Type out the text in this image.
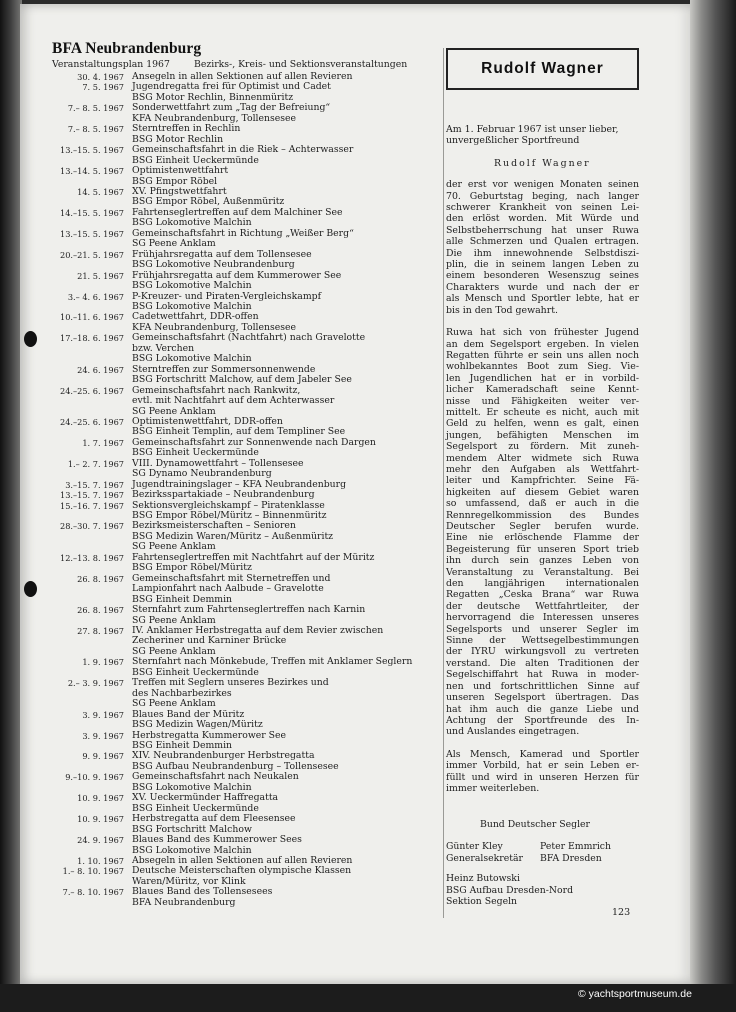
BFA Neubrandenburg
Veranstaltungsplan 1967	Bezirks-, Kreis- und Sektionsveranstaltungen
30. 4. 1967 Ansegeln in allen Sektionen auf allen Revieren
7. 5. 1967 Jugendregatta frei für Optimist und Cadet
BSG Motor Rechlin, Binnenmüritz
7.– 8. 5. 1967 Sonderwettfahrt zum „Tag der Befreiung“
KFA Neubrandenburg, Tollensesee
7.– 8. 5. 1967 Sterntreffen in Rechlin
BSG Motor Rechlin
13.–15. 5. 1967 Gemeinschaftsfahrt in die Riek – Achterwasser
BSG Einheit Ueckermünde
13.–14. 5. 1967 Optimistenwettfahrt
BSG Empor Röbel
14. 5. 1967 XV. Pfingstwettfahrt
BSG Empor Röbel, Außenmüritz
14.–15. 5. 1967 Fahrtenseglertreffen auf dem Malchiner See
BSG Lokomotive Malchin
13.–15. 5. 1967 Gemeinschaftsfahrt in Richtung „Weißer Berg“
SG Peene Anklam
20.–21. 5. 1967 Frühjahrsregatta auf dem Tollensesee
BSG Lokomotive Neubrandenburg
21. 5. 1967 Frühjahrsregatta auf dem Kummerower See
BSG Lokomotive Malchin
3.– 4. 6. 1967 P-Kreuzer- und Piraten-Vergleichskampf
BSG Lokomotive Malchin
10.–11. 6. 1967 Cadetwettfahrt, DDR-offen
KFA Neubrandenburg, Tollensesee
17.–18. 6. 1967 Gemeinschaftsfahrt (Nachtfahrt) nach Gravelotte
bzw. Verchen
BSG Lokomotive Malchin
24. 6. 1967 Sterntreffen zur Sommersonnenwende
BSG Fortschritt Malchow, auf dem Jabeler See
24.–25. 6. 1967 Gemeinschaftsfahrt nach Rankwitz,
evtl. mit Nachtfahrt auf dem Achterwasser
SG Peene Anklam
24.–25. 6. 1967 Optimistenwettfahrt, DDR-offen
BSG Einheit Templin, auf dem Templiner See
1. 7. 1967 Gemeinschaftsfahrt zur Sonnenwende nach Dargen
BSG Einheit Ueckermünde
1.– 2. 7. 1967 VIII. Dynamowettfahrt – Tollensesee
SG Dynamo Neubrandenburg
3.–15. 7. 1967 Jugendtrainingslager – KFA Neubrandenburg
13.–15. 7. 1967 Bezirksspartakiade – Neubrandenburg
15.–16. 7. 1967 Sektionsvergleichskampf – Piratenklasse
BSG Empor Röbel/Müritz – Binnenmüritz
28.–30. 7. 1967 Bezirksmeisterschaften – Senioren
BSG Medizin Waren/Müritz – Außenmüritz
SG Peene Anklam
12.–13. 8. 1967 Fahrtenseglertreffen mit Nachtfahrt auf der Müritz
BSG Empor Röbel/Müritz
26. 8. 1967 Gemeinschaftsfahrt mit Sternetreffen und
Lampionfahrt nach Aalbude – Gravelotte
BSG Einheit Demmin
26. 8. 1967 Sternfahrt zum Fahrtenseglertreffen nach Karnin
SG Peene Anklam
27. 8. 1967 IV. Anklamer Herbstregatta auf dem Revier zwischen
Zecheriner und Karniner Brücke
SG Peene Anklam
1. 9. 1967 Sternfahrt nach Mönkebude, Treffen mit Anklamer Seglern
BSG Einheit Ueckermünde
2.– 3. 9. 1967 Treffen mit Seglern unseres Bezirkes und
des Nachbarbezirkes
SG Peene Anklam
3. 9. 1967 Blaues Band der Müritz
BSG Medizin Wagen/Müritz
3. 9. 1967 Herbstregatta Kummerower See
BSG Einheit Demmin
9. 9. 1967 XIV. Neubrandenburger Herbstregatta
BSG Aufbau Neubrandenburg – Tollensesee
9.–10. 9. 1967 Gemeinschaftsfahrt nach Neukalen
BSG Lokomotive Malchin
10. 9. 1967 XV. Ueckermünder Haffregatta
BSG Einheit Ueckermünde
10. 9. 1967 Herbstregatta auf dem Fleesensee
BSG Fortschritt Malchow
24. 9. 1967 Blaues Band des Kummerower Sees
BSG Lokomotive Malchin
1. 10. 1967 Absegeln in allen Sektionen auf allen Revieren
1.– 8. 10. 1967 Deutsche Meisterschaften olympische Klassen
Waren/Müritz, vor Klink
7.– 8. 10. 1967 Blaues Band des Tollensesees
BFA Neubrandenburg
Rudolf Wagner
Am 1. Februar 1967 ist unser lieber,
unvergeßlicher Sportfreund
Rudolf Wagner
der erst vor wenigen Monaten seinen
70. Geburtstag beging, nach langer
schwerer Krankheit von seinen Lei-
den erlöst worden. Mit Würde und
Selbstbeherrschung hat unser Ruwa
alle Schmerzen und Qualen ertragen.
Die ihm innewohnende Selbstdiszi-
plin, die in seinem langen Leben zu
einem besonderen Wesenszug seines
Charakters wurde und nach der er
als Mensch und Sportler lebte, hat er
bis in den Tod gewahrt.
Ruwa hat sich von frühester Jugend
an dem Segelsport ergeben. In vielen
Regatten führte er sein uns allen noch
wohlbekanntes Boot zum Sieg. Vie-
len Jugendlichen hat er in vorbild-
licher Kameradschaft seine Kennt-
nisse und Fähigkeiten weiter ver-
mittelt. Er scheute es nicht, auch mit
Geld zu helfen, wenn es galt, einen
jungen, befähigten Menschen im
Segelsport zu fördern. Mit zuneh-
mendem Alter widmete sich Ruwa
mehr den Aufgaben als Wettfahrt-
leiter und Kampfrichter. Seine Fä-
higkeiten auf diesem Gebiet waren
so umfassend, daß er auch in die
Rennregelkommission des Bundes
Deutscher Segler berufen wurde.
Eine nie erlöschende Flamme der
Begeisterung für unseren Sport trieb
ihn durch sein ganzes Leben von
Veranstaltung zu Veranstaltung. Bei
den langjährigen internationalen
Regatten „Ceska Brana“ war Ruwa
der deutsche Wettfahrtleiter, der
hervorragend die Interessen unseres
Segelsports und unserer Segler im
Sinne der Wettsegelbestimmungen
der IYRU wirkungsvoll zu vertreten
verstand. Die alten Traditionen der
Segelschiffahrt hat Ruwa in moder-
nen und fortschrittlichen Sinne auf
unseren Segelsport übertragen. Das
hat ihm auch die ganze Liebe und
Achtung der Sportfreunde des In-
und Auslandes eingetragen.
Als Mensch, Kamerad und Sportler
immer Vorbild, hat er sein Leben er-
füllt und wird in unseren Herzen für
immer weiterleben.
Bund Deutscher Segler
Günter Kley	Peter Emmrich
Generalsekretär BFA Dresden
Heinz Butowski
BSG Aufbau Dresden-Nord
Sektion Segeln
123
© yachtsportmuseum.de
